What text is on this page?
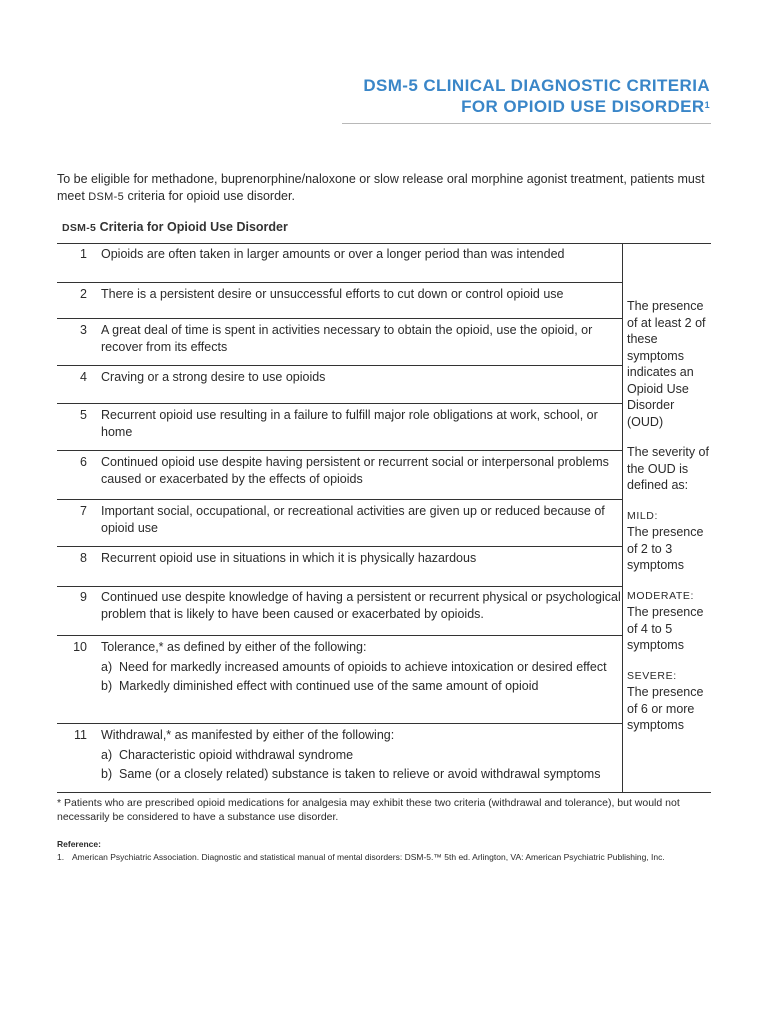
DSM-5 CLINICAL DIAGNOSTIC CRITERIA
FOR OPIOID USE DISORDER$^1$
To be eligible for methadone, buprenorphine/naloxone or slow release oral morphine agonist treatment, patients must meet DSM-5 criteria for opioid use disorder.
DSM-5 Criteria for Opioid Use Disorder
1 Opioids are often taken in larger amounts or over a longer period than was intended
2 There is a persistent desire or unsuccessful efforts to cut down or control opioid use
3 A great deal of time is spent in activities necessary to obtain the opioid, use the opioid, or recover from its effects
4 Craving or a strong desire to use opioids
5 Recurrent opioid use resulting in a failure to fulfill major role obligations at work, school, or home
6 Continued opioid use despite having persistent or recurrent social or interpersonal problems caused or exacerbated by the effects of opioids
7 Important social, occupational, or recreational activities are given up or reduced because of opioid use
8 Recurrent opioid use in situations in which it is physically hazardous
9 Continued use despite knowledge of having a persistent or recurrent physical or psychological problem that is likely to have been caused or exacerbated by opioids.
10 Tolerance,* as defined by either of the following:
a) Need for markedly increased amounts of opioids to achieve intoxication or desired effect
b) Markedly diminished effect with continued use of the same amount of opioid
11 Withdrawal,* as manifested by either of the following:
a) Characteristic opioid withdrawal syndrome
b) Same (or a closely related) substance is taken to relieve or avoid withdrawal symptoms

The presence of at least 2 of these symptoms indicates an Opioid Use Disorder (OUD)

The severity of the OUD is defined as:

MILD:
The presence of 2 to 3 symptoms

MODERATE:
The presence of 4 to 5 symptoms

SEVERE:
The presence of 6 or more symptoms

* Patients who are prescribed opioid medications for analgesia may exhibit these two criteria (withdrawal and tolerance), but would not necessarily be considered to have a substance use disorder.
Reference:
1. American Psychiatric Association. Diagnostic and statistical manual of mental disorders: DSM-5.™ 5th ed. Arlington, VA: American Psychiatric Publishing, Inc.
